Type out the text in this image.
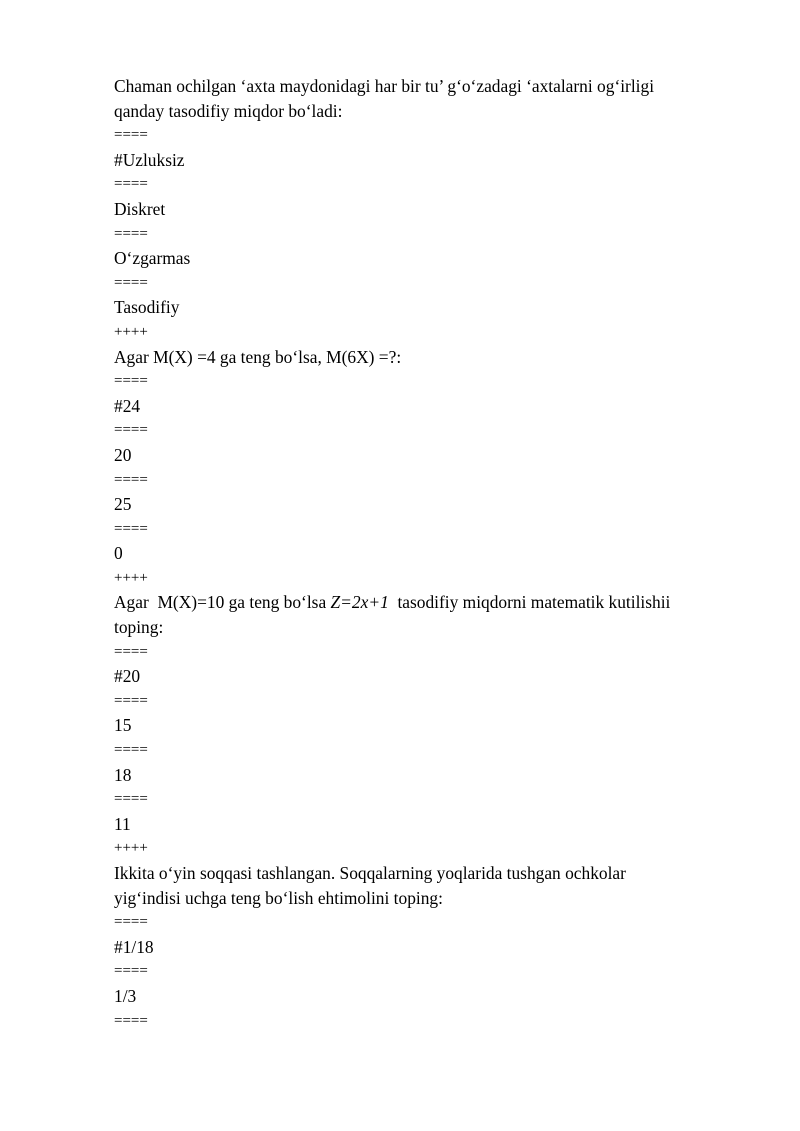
Chaman ochilgan ‘axta maydonidagi har bir tu’ g‘o‘zadagi ‘axtalarni og‘irligi

qanday tasodifiy miqdor bo‘ladi:

====

#Uzluksiz

====

Diskret

====

O‘zgarmas

====

Tasodifiy

++++

Agar M(X) =4 ga teng bo‘lsa, M(6X) =?:

====

#24

====

20

====

25

====

0

++++

Agar  M(X)=10 ga teng bo‘lsa Z=2x+1  tasodifiy miqdorni matematik kutilishii

toping:

====

#20

====

15

====

18

====

11

++++

Ikkita o‘yin soqqasi tashlangan. Soqqalarning yoqlarida tushgan ochkolar

yig‘indisi uchga teng bo‘lish ehtimolini toping:

====

#1/18

====

1/3

====
